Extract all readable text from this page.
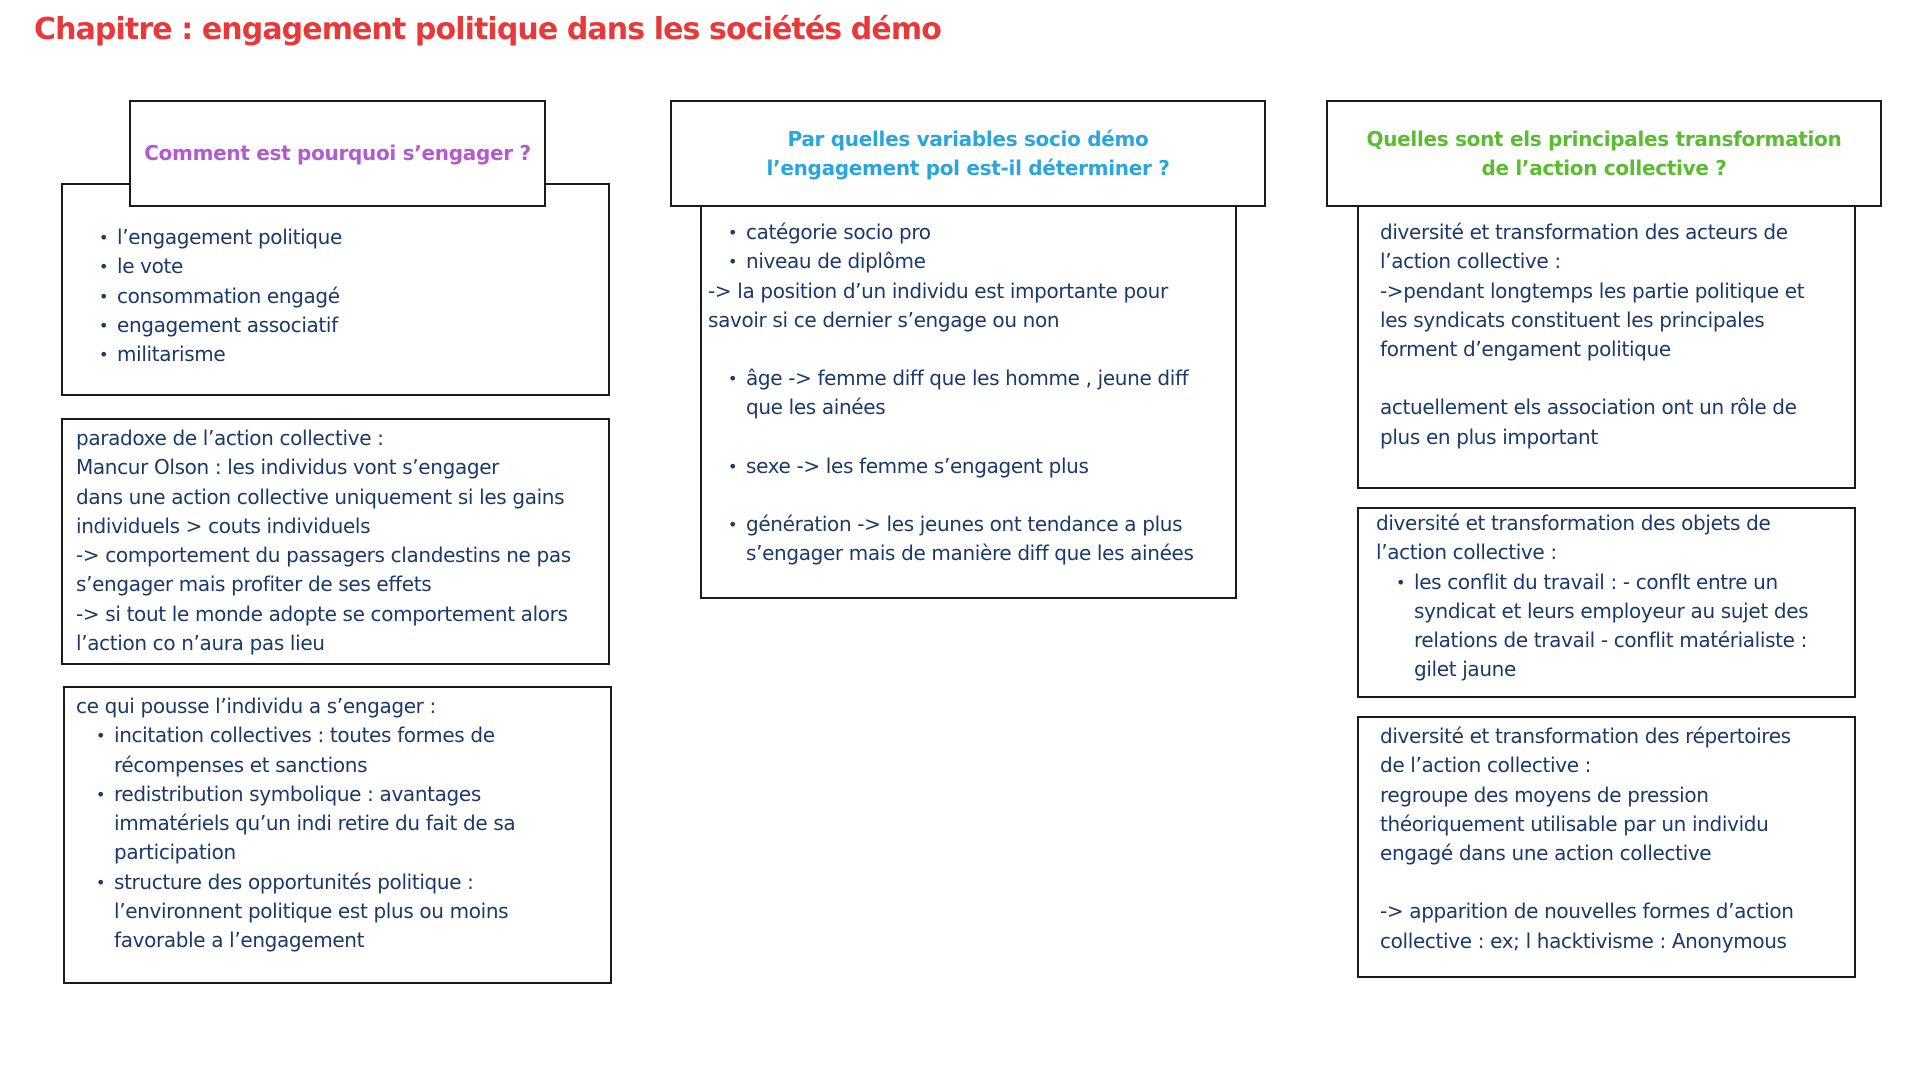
Chapitre : engagement politique dans les sociétés démo
• l’engagement politique
• le vote
• consommation engagé
• engagement associatif
• militarisme
Comment est pourquoi s’engager ?

paradoxe de l’action collective :

Mancur Olson : les individus vont s’engager

dans une action collective uniquement si les gains

individuels > couts individuels

-> comportement du passagers clandestins ne pas

s’engager mais profiter de ses effets

-> si tout le monde adopte se comportement alors

l’action co n’aura pas lieu

ce qui pousse l’individu a s’engager :

• incitation collectives : toutes formes de récompenses et sanctions
• redistribution symbolique : avantages immatériels qu’un indi retire du fait de sa participation
• structure des opportunités politique : l’environnent politique est plus ou moins favorable a l’engagement
• catégorie socio pro
• niveau de diplôme

-> la position d’un individu est importante pour savoir si ce dernier s’engage ou non

• âge -> femme diff que les homme , jeune diff que les ainées
• sexe -> les femme s’engagent plus
• génération -> les jeunes ont tendance a plus s’engager mais de manière diff que les ainées
Par quelles variables socio démo
l’engagement pol est-il déterminer ?

diversité et transformation des acteurs de

l’action collective :

->pendant longtemps les partie politique et

les syndicats constituent les principales

forment d’engament politique

actuellement els association ont un rôle de

plus en plus important

Quelles sont els principales transformation
de l’action collective ?

diversité et transformation des objets de l’action collective :

• les conflit du travail : - conflt entre un syndicat et leurs employeur au sujet des relations de travail - conflit matérialiste : gilet jaune

diversité et transformation des répertoires

de l’action collective :

regroupe des moyens de pression

théoriquement utilisable par un individu

engagé dans une action collective

-> apparition de nouvelles formes d’action

collective : ex; l hacktivisme : Anonymous
